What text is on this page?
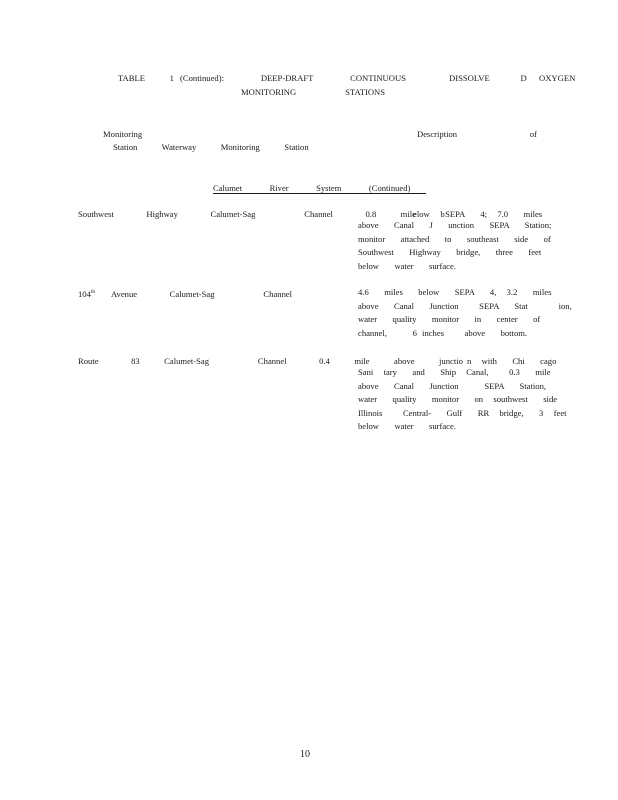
TABLE    1 (Continued):      DEEP-DRAFT      CONTINUOUS       DISSOLVE     D  OXYGEN
MONITORING      STATIONS
Monitoring	Description    of
Station   Waterway   Monitoring   Station
Calumet   River   System   (Continued)
Southwest    Highway    Calumet-Sag      Channel    0.8   mile   b
elow   SEPA   4;  7.0   miles
above   Canal   J   unction   SEPA   Station;
monitor   attached   to   southeast   side   of
Southwest   Highway   bridge,   three   feet
below   water   surface.
104th  Avenue    Calumet-Sag      Channel	4.6   miles   below   SEPA   4,  3.2   miles
above   Canal   Junction    SEPA   Stat      ion,
water   quality   monitor   in   center   of
channel,     6 inches    above   bottom.
Route    83   Calumet-Sag      Channel    0.4   mile   above   junctio n  with   Chi   cago
Sani  tary   and   Ship  Canal,    0.3   mile
above   Canal   Junction     SEPA   Station,
water   quality   monitor   on  southwest   side
Illinois    Central-   Gulf   RR  bridge,   3  feet
below   water   surface.
10
